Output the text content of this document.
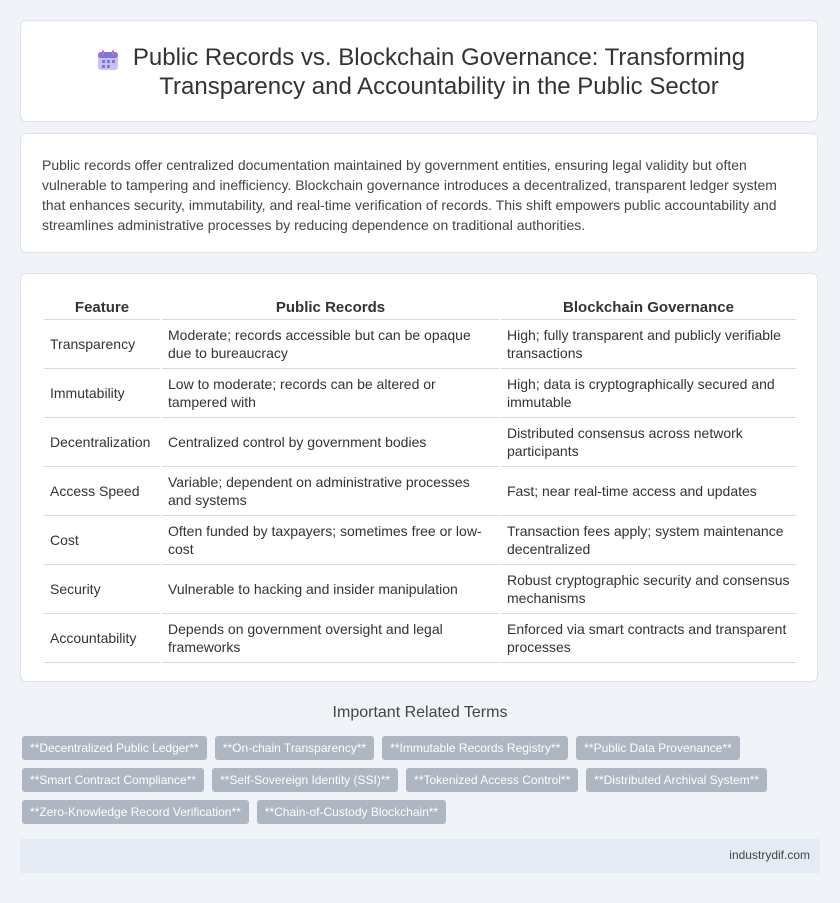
Public Records vs. Blockchain Governance: Transforming Transparency and Accountability in the Public Sector

Public records offer centralized documentation maintained by government entities, ensuring legal validity but often vulnerable to tampering and inefficiency. Blockchain governance introduces a decentralized, transparent ledger system that enhances security, immutability, and real-time verification of records. This shift empowers public accountability and streamlines administrative processes by reducing dependence on traditional authorities.

Feature	Public Records	Blockchain Governance
Transparency	Moderate; records accessible but can be opaque due to bureaucracy	High; fully transparent and publicly verifiable transactions
Immutability	Low to moderate; records can be altered or tampered with	High; data is cryptographically secured and immutable
Decentralization	Centralized control by government bodies	Distributed consensus across network participants
Access Speed	Variable; dependent on administrative processes and systems	Fast; near real-time access and updates
Cost	Often funded by taxpayers; sometimes free or low-cost	Transaction fees apply; system maintenance decentralized
Security	Vulnerable to hacking and insider manipulation	Robust cryptographic security and consensus mechanisms
Accountability	Depends on government oversight and legal frameworks	Enforced via smart contracts and transparent processes
Important Related Terms
**Decentralized Public Ledger**	**On-chain Transparency**	**Immutable Records Registry**	**Public Data Provenance**
**Smart Contract Compliance**	**Self-Sovereign Identity (SSI)**	**Tokenized Access Control**	**Distributed Archival System**
**Zero-Knowledge Record Verification**	**Chain-of-Custody Blockchain**
industrydif.com
